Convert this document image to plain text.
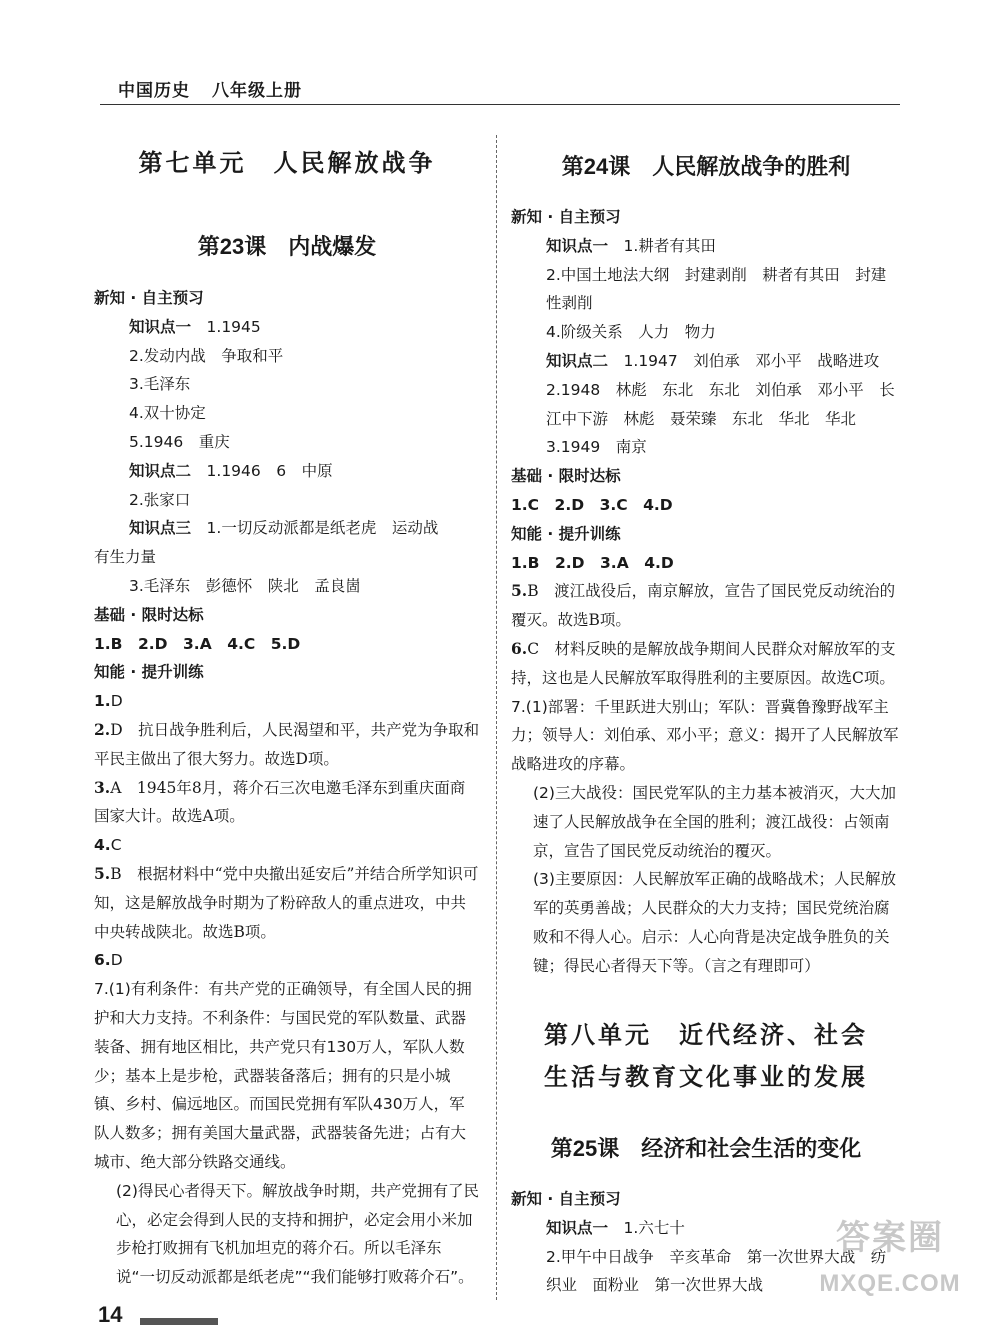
中国历史 八年级上册
第七单元　人民解放战争
第23课　内战爆发
新知 · 自主预习
知识点一　 1.1945
2.发动内战　争取和平
3.毛泽东
4.双十协定
5.1946　重庆
知识点二　 1.1946　6　中原
2.张家口
知识点三　 1.一切反动派都是纸老虎　运动战
有生力量
3.毛泽东　彭德怀　陕北　孟良崮
基础 · 限时达标
1.B　2.D　3.A　4.C　5.D
知能 · 提升训练
1.D
2.D　抗日战争胜利后，人民渴望和平，共产党为争取和平民主做出了很大努力。故选D项。
3.A　1945年8月，蒋介石三次电邀毛泽东到重庆面商国家大计。故选A项。
4.C
5.B　根据材料中“党中央撤出延安后”并结合所学知识可知，这是解放战争时期为了粉碎敌人的重点进攻，中共中央转战陕北。故选B项。
6.D
7.(1)有利条件：有共产党的正确领导，有全国人民的拥护和大力支持。不利条件：与国民党的军队数量、武器装备、拥有地区相比，共产党只有130万人，军队人数少；基本上是步枪，武器装备落后；拥有的只是小城镇、乡村、偏远地区。而国民党拥有军队430万人，军队人数多；拥有美国大量武器，武器装备先进；占有大城市、绝大部分铁路交通线。
(2)得民心者得天下。解放战争时期，共产党拥有了民心，必定会得到人民的支持和拥护，必定会用小米加步枪打败拥有飞机加坦克的蒋介石。所以毛泽东说“一切反动派都是纸老虎”“我们能够打败蒋介石”。
第24课　人民解放战争的胜利
新知 · 自主预习
知识点一　 1.耕者有其田
2.中国土地法大纲　封建剥削　耕者有其田　封建性剥削
4.阶级关系　人力　物力
知识点二　 1.1947　刘伯承　邓小平　战略进攻
2.1948　林彪　东北　东北　刘伯承　邓小平　长江中下游　林彪　聂荣臻　东北　华北　华北
3.1949　南京
基础 · 限时达标
1.C　2.D　3.C　4.D
知能 · 提升训练
1.B　2.D　3.A　4.D
5.B　渡江战役后，南京解放，宣告了国民党反动统治的覆灭。故选B项。
6.C　材料反映的是解放战争期间人民群众对解放军的支持，这也是人民解放军取得胜利的主要原因。故选C项。
7.(1)部署：千里跃进大别山；军队：晋冀鲁豫野战军主力；领导人：刘伯承、邓小平；意义：揭开了人民解放军战略进攻的序幕。
(2)三大战役：国民党军队的主力基本被消灭，大大加速了人民解放战争在全国的胜利；渡江战役：占领南京，宣告了国民党反动统治的覆灭。
(3)主要原因：人民解放军正确的战略战术；人民解放军的英勇善战；人民群众的大力支持；国民党统治腐败和不得人心。启示：人心向背是决定战争胜负的关键；得民心者得天下等。（言之有理即可）
第八单元　近代经济、社会
生活与教育文化事业的发展
第25课　经济和社会生活的变化
新知 · 自主预习
知识点一　 1.六七十
2.甲午中日战争　辛亥革命　第一次世界大战　纺织业　面粉业　第一次世界大战
14
答案圈
MXQE.COM
